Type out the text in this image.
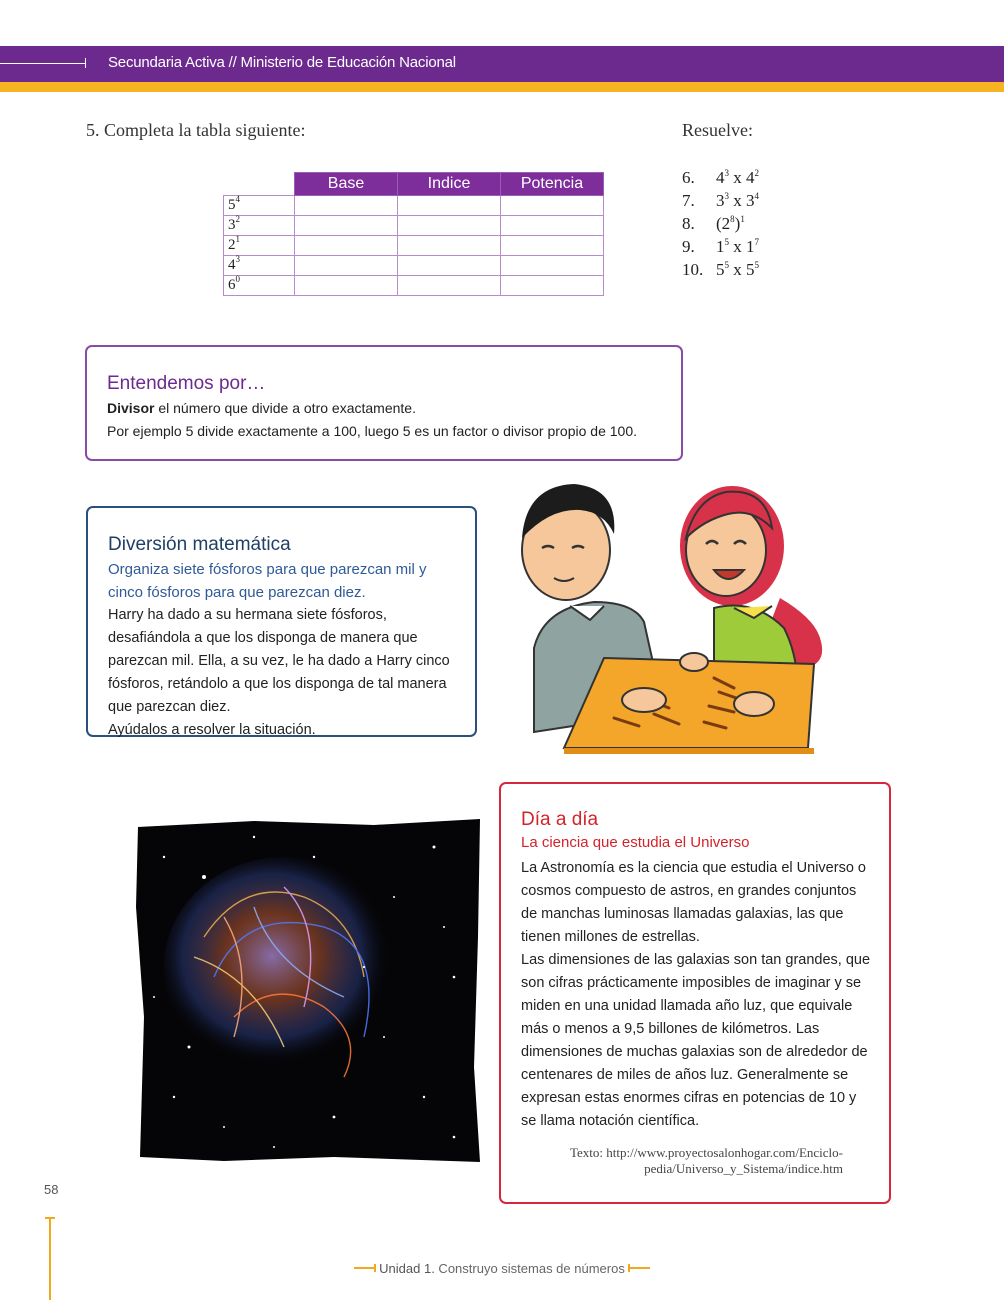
Secundaria Activa // Ministerio de Educación Nacional
5. Completa la tabla siguiente:
	Base	Indice	Potencia
$5^4$			
$3^2$			
$2^1$			
$4^3$			
$6^0$			
Resuelve:
6. $4^3$ x $4^2$
7. $3^3$ x $3^4$
8. $(2^8)^1$
9. $1^5$ x $1^7$
10. $5^5$ x $5^5$
Entendemos por…
Divisor el número que divide a otro exactamente.
Por ejemplo 5 divide exactamente a 100, luego 5 es un factor o divisor propio de 100.
Diversión matemática
Organiza siete fósforos para que parezcan mil y cinco fósforos para que parezcan diez.
Harry ha dado a su hermana siete fósforos, desafiándola a que los disponga de manera que parezcan mil. Ella, a su vez, le ha dado a Harry cinco fósforos, retándolo a que los disponga de tal manera que parezcan diez.
Ayúdalos a resolver la situación.
Día a día
La ciencia que estudia el Universo
La Astronomía es la ciencia que estudia el Universo o cosmos compuesto de astros, en grandes conjuntos de manchas luminosas llamadas galaxias, las que tienen millones de estrellas.
Las dimensiones de las galaxias son tan grandes, que son cifras prácticamente imposibles de imaginar y se miden en una unidad llamada año luz, que equivale más o menos a 9,5 billones de kilómetros. Las dimensiones de muchas galaxias son de alrededor de centenares de miles de años luz. Generalmente se expresan estas enormes cifras en potencias de 10 y se llama notación científica.
Texto: http://www.proyectosalonhogar.com/Enciclo-
pedia/Universo_y_Sistema/indice.htm
58
Unidad 1. Construyo sistemas de números
